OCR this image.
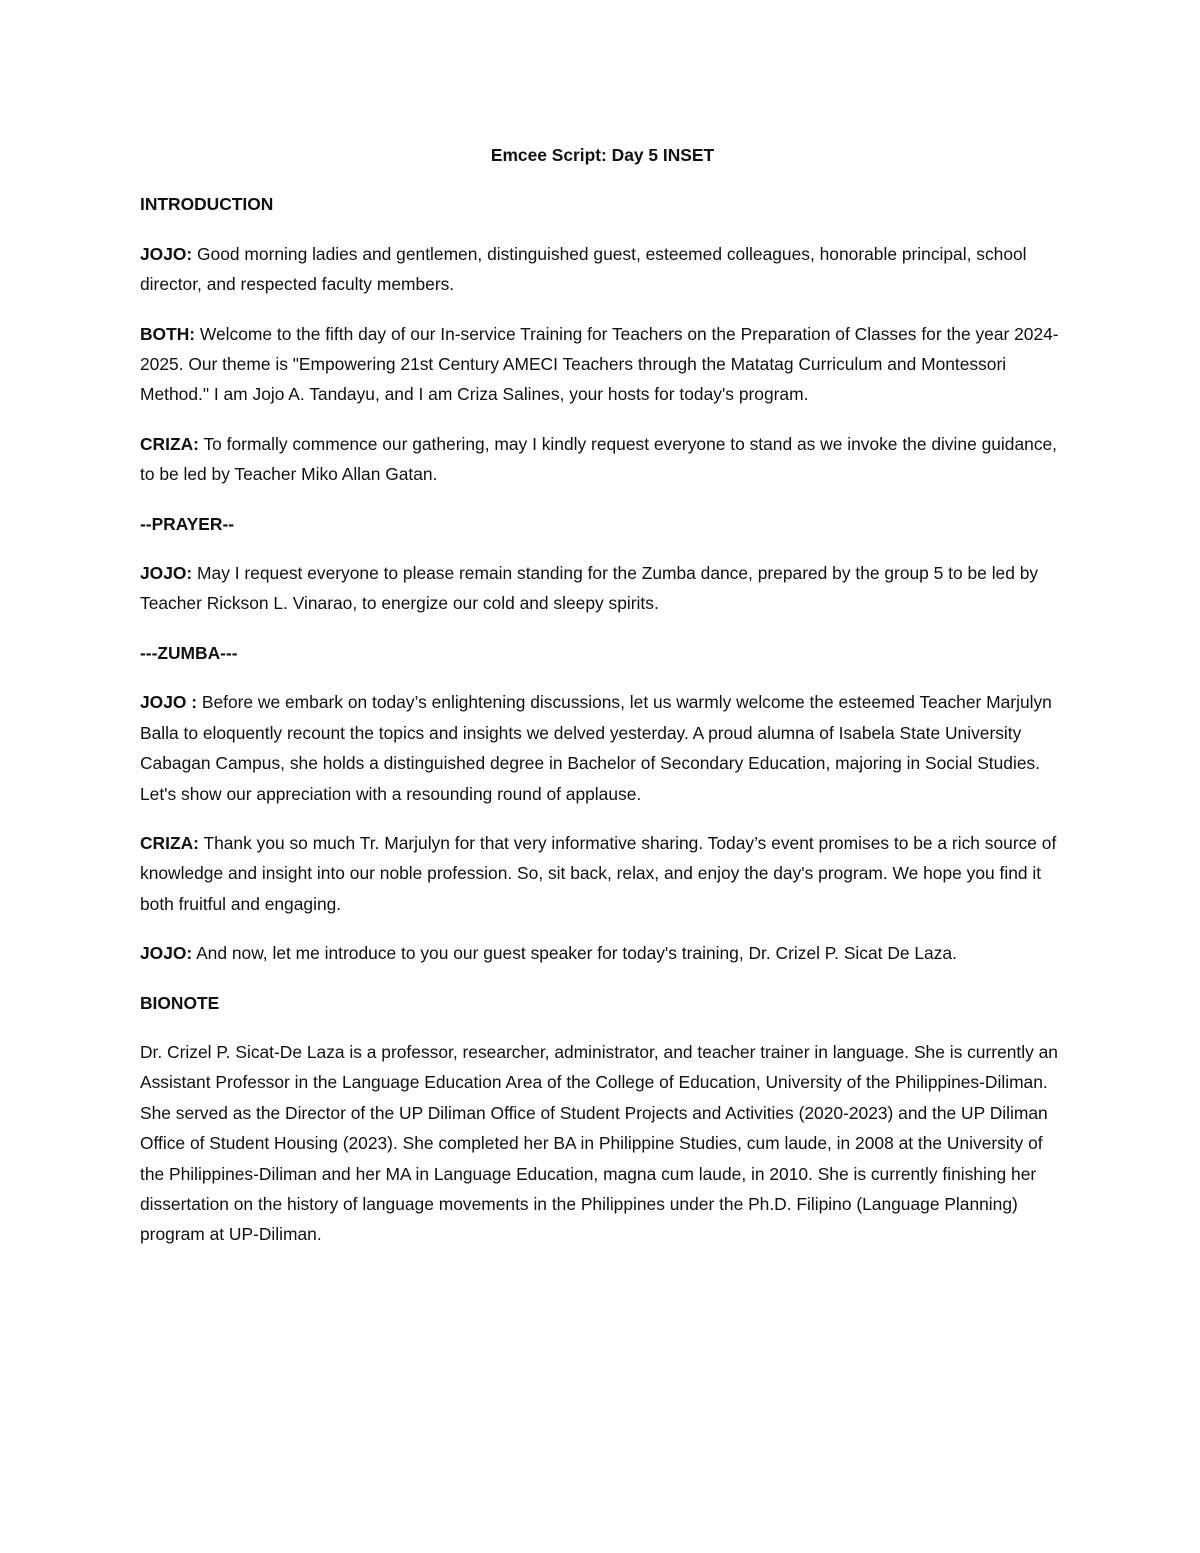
Emcee Script: Day 5 INSET
INTRODUCTION

JOJO: Good morning ladies and gentlemen, distinguished guest, esteemed colleagues, honorable principal, school director, and respected faculty members.

BOTH: Welcome to the fifth day of our In-service Training for Teachers on the Preparation of Classes for the year 2024-2025. Our theme is "Empowering 21st Century AMECI Teachers through the Matatag Curriculum and Montessori Method." I am Jojo A. Tandayu, and I am Criza Salines, your hosts for today's program.

CRIZA: To formally commence our gathering, may I kindly request everyone to stand as we invoke the divine guidance, to be led by Teacher Miko Allan Gatan.

--PRAYER--

JOJO: May I request everyone to please remain standing for the Zumba dance, prepared by the group 5 to be led by Teacher Rickson L. Vinarao, to energize our cold and sleepy spirits.

---ZUMBA---

JOJO : Before we embark on today’s enlightening discussions, let us warmly welcome the esteemed Teacher Marjulyn Balla to eloquently recount the topics and insights we delved yesterday. A proud alumna of Isabela State University Cabagan Campus, she holds a distinguished degree in Bachelor of Secondary Education, majoring in Social Studies. Let's show our appreciation with a resounding round of applause.

CRIZA: Thank you so much Tr. Marjulyn for that very informative sharing. Today’s event promises to be a rich source of knowledge and insight into our noble profession. So, sit back, relax, and enjoy the day's program. We hope you find it both fruitful and engaging.

JOJO: And now, let me introduce to you our guest speaker for today's training, Dr. Crizel P. Sicat De Laza.

BIONOTE

Dr. Crizel P. Sicat-De Laza is a professor, researcher, administrator, and teacher trainer in language. She is currently an Assistant Professor in the Language Education Area of the College of Education, University of the Philippines-Diliman. She served as the Director of the UP Diliman Office of Student Projects and Activities (2020-2023) and the UP Diliman Office of Student Housing (2023). She completed her BA in Philippine Studies, cum laude, in 2008 at the University of the Philippines-Diliman and her MA in Language Education, magna cum laude, in 2010. She is currently finishing her dissertation on the history of language movements in the Philippines under the Ph.D. Filipino (Language Planning) program at UP-Diliman.
